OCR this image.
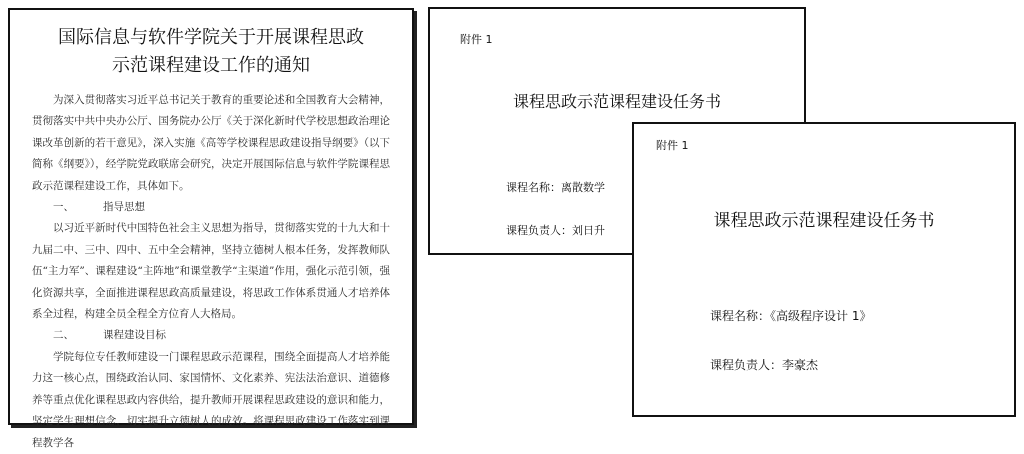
国际信息与软件学院关于开展课程思政
示范课程建设工作的通知

为深入贯彻落实习近平总书记关于教育的重要论述和全国教育大会精神，贯彻落实中共中央办公厅、国务院办公厅《关于深化新时代学校思想政治理论课改革创新的若干意见》，深入实施《高等学校课程思政建设指导纲要》（以下简称《纲要》），经学院党政联席会研究，决定开展国际信息与软件学院课程思政示范课程建设工作，具体如下。

一、	指导思想

以习近平新时代中国特色社会主义思想为指导，贯彻落实党的十九大和十九届二中、三中、四中、五中全会精神，坚持立德树人根本任务，发挥教师队伍“主力军”、课程建设“主阵地”和课堂教学“主渠道”作用，强化示范引领，强化资源共享，全面推进课程思政高质量建设，将思政工作体系贯通人才培养体系全过程，构建全员全程全方位育人大格局。

二、	课程建设目标

学院每位专任教师建设一门课程思政示范课程，围绕全面提高人才培养能力这一核心点，围绕政治认同、家国情怀、文化素养、宪法法治意识、道德修养等重点优化课程思政内容供给，提升教师开展课程思政建设的意识和能力，坚定学生理想信念，切实提升立德树人的成效。将课程思政建设工作落实到课程教学各

附件 1
课程思政示范课程建设任务书
课程名称：离散数学
课程负责人：刘日升
附件 1
课程思政示范课程建设任务书
课程名称：《高级程序设计 1》
课程负责人：李豪杰
